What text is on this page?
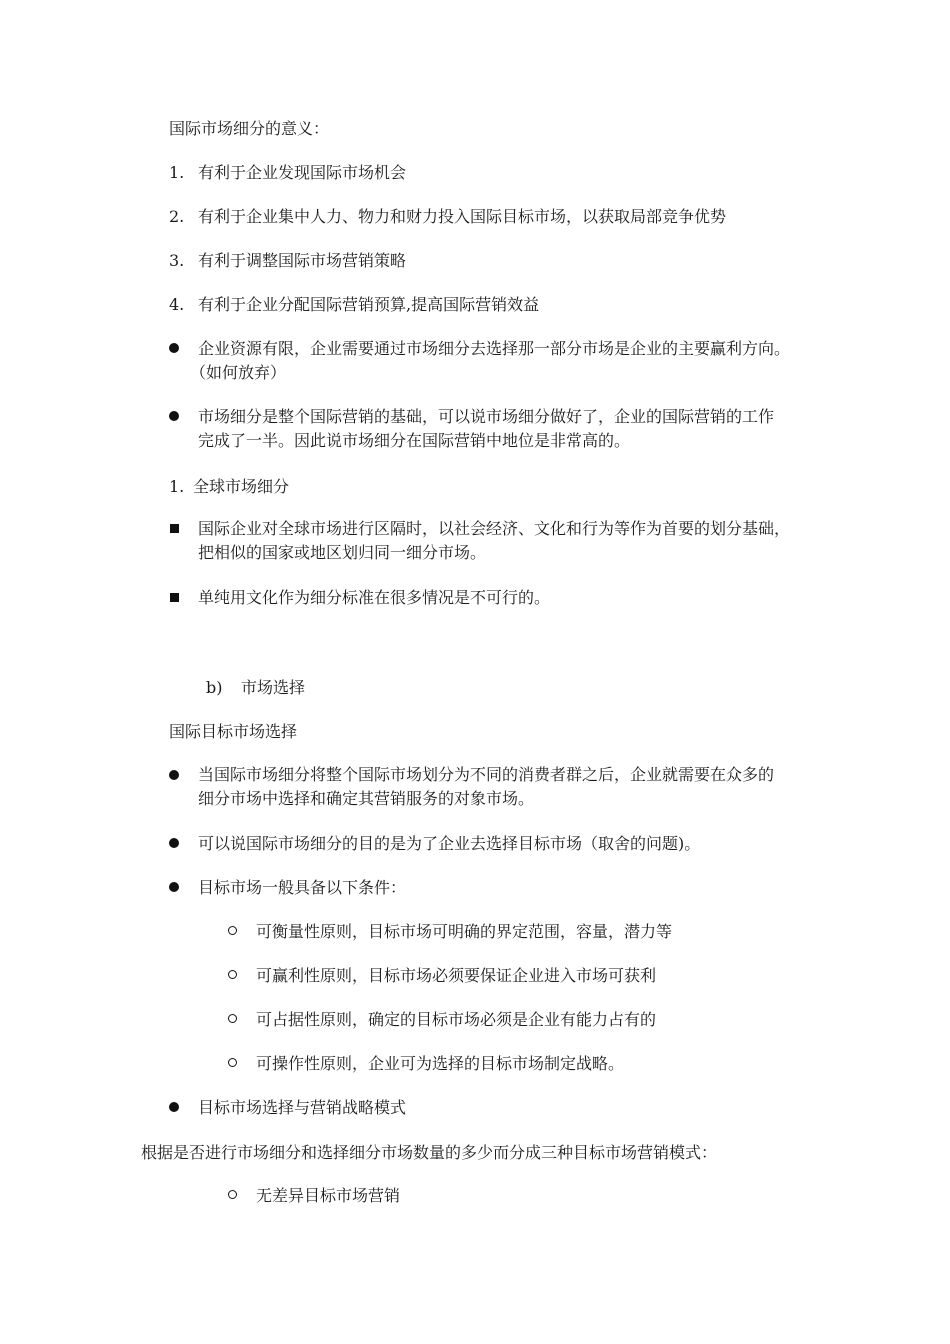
国际市场细分的意义：
1. 有利于企业发现国际市场机会
2. 有利于企业集中人力、物力和财力投入国际目标市场，以获取局部竞争优势
3. 有利于调整国际市场营销策略
4. 有利于企业分配国际营销预算,提高国际营销效益
企业资源有限，企业需要通过市场细分去选择那一部分市场是企业的主要赢利方向。
（如何放弃）
市场细分是整个国际营销的基础，可以说市场细分做好了，企业的国际营销的工作
完成了一半。因此说市场细分在国际营销中地位是非常高的。
1. 全球市场细分
国际企业对全球市场进行区隔时，以社会经济、文化和行为等作为首要的划分基础，
把相似的国家或地区划归同一细分市场。
单纯用文化作为细分标准在很多情况是不可行的。
b) 市场选择
国际目标市场选择
当国际市场细分将整个国际市场划分为不同的消费者群之后，企业就需要在众多的
细分市场中选择和确定其营销服务的对象市场。
可以说国际市场细分的目的是为了企业去选择目标市场（取舍的问题)。
目标市场一般具备以下条件：
可衡量性原则，目标市场可明确的界定范围，容量，潜力等
可赢利性原则，目标市场必须要保证企业进入市场可获利
可占据性原则，确定的目标市场必须是企业有能力占有的
可操作性原则，企业可为选择的目标市场制定战略。
目标市场选择与营销战略模式
根据是否进行市场细分和选择细分市场数量的多少而分成三种目标市场营销模式：
无差异目标市场营销
